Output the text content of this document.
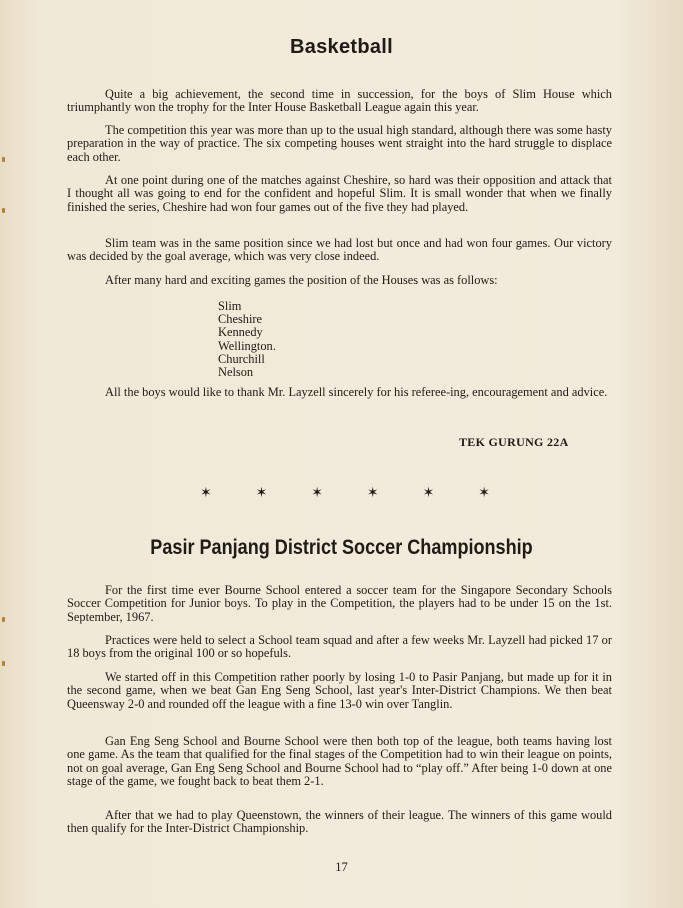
Basketball

Quite a big achievement, the second time in succession, for the boys of Slim House which triumphantly won the trophy for the Inter House Basketball League again this year.

The competition this year was more than up to the usual high standard, although there was some hasty preparation in the way of practice. The six competing houses went straight into the hard struggle to displace each other.

At one point during one of the matches against Cheshire, so hard was their opposition and attack that I thought all was going to end for the confident and hopeful Slim. It is small wonder that when we finally finished the series, Cheshire had won four games out of the five they had played.

Slim team was in the same position since we had lost but once and had won four games. Our victory was decided by the goal average, which was very close indeed.

After many hard and exciting games the position of the Houses was as follows:

Slim
Cheshire
Kennedy
Wellington.
Churchill
Nelson

All the boys would like to thank Mr. Layzell sincerely for his referee-ing, encouragement and advice.

TEK GURUNG 22A
✶	✶	✶	✶	✶	✶
Pasir Panjang District Soccer Championship

For the first time ever Bourne School entered a soccer team for the Singapore Secondary Schools Soccer Competition for Junior boys. To play in the Competition, the players had to be under 15 on the 1st. September, 1967.

Practices were held to select a School team squad and after a few weeks Mr. Layzell had picked 17 or 18 boys from the original 100 or so hopefuls.

We started off in this Competition rather poorly by losing 1-0 to Pasir Panjang, but made up for it in the second game, when we beat Gan Eng Seng School, last year's Inter-District Champions. We then beat Queensway 2-0 and rounded off the league with a fine 13-0 win over Tanglin.

Gan Eng Seng School and Bourne School were then both top of the league, both teams having lost one game. As the team that qualified for the final stages of the Competition had to win their league on points, not on goal average, Gan Eng Seng School and Bourne School had to “play off.” After being 1-0 down at one stage of the game, we fought back to beat them 2-1.

After that we had to play Queenstown, the winners of their league. The winners of this game would then qualify for the Inter-District Championship.

17
